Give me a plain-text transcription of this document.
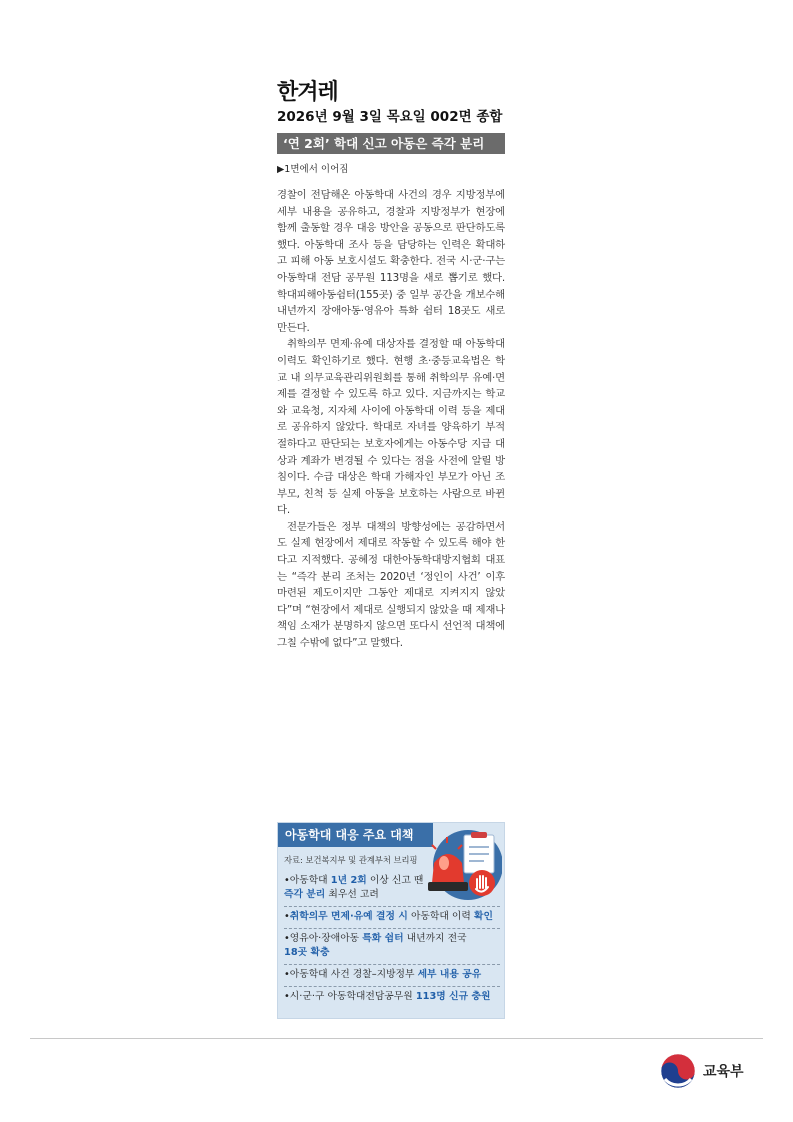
한겨레
2026년 9월 3일 목요일 002면 종합
‘연 2회’ 학대 신고 아동은 즉각 분리
▶1면에서 이어짐

경찰이 전담해온 아동학대 사건의 경우 지방정부에 세부 내용을 공유하고, 경찰과 지방정부가 현장에 함께 출동할 경우 대응 방안을 공동으로 판단하도록 했다. 아동학대 조사 등을 담당하는 인력은 확대하고 피해 아동 보호시설도 확충한다. 전국 시·군·구는 아동학대 전담 공무원 113명을 새로 뽑기로 했다. 학대피해아동쉼터(155곳) 중 일부 공간을 개보수해 내년까지 장애아동·영유아 특화 쉼터 18곳도 새로 만든다.

취학의무 면제·유예 대상자를 결정할 때 아동학대 이력도 확인하기로 했다. 현행 초·중등교육법은 학교 내 의무교육관리위원회를 통해 취학의무 유예·면제를 결정할 수 있도록 하고 있다. 지금까지는 학교와 교육청, 지자체 사이에 아동학대 이력 등을 제대로 공유하지 않았다. 학대로 자녀를 양육하기 부적절하다고 판단되는 보호자에게는 아동수당 지급 대상과 계좌가 변경될 수 있다는 점을 사전에 알릴 방침이다. 수급 대상은 학대 가해자인 부모가 아닌 조부모, 친척 등 실제 아동을 보호하는 사람으로 바뀐다.

전문가들은 정부 대책의 방향성에는 공감하면서도 실제 현장에서 제대로 작동할 수 있도록 해야 한다고 지적했다. 공혜정 대한아동학대방지협회 대표는 “즉각 분리 조처는 2020년 ‘정인이 사건’ 이후 마련된 제도이지만 그동안 제대로 지켜지지 않았다”며 “현장에서 제대로 실행되지 않았을 때 제재나 책임 소재가 분명하지 않으면 또다시 선언적 대책에 그칠 수밖에 없다”고 말했다.

아동학대 대응 주요 대책
자료: 보건복지부 및 관계부처 브리핑
•아동학대 1년 2회 이상 신고 땐
즉각 분리 최우선 고려
•취학의무 면제·유예 결정 시 아동학대 이력 확인
•영유아·장애아동 특화 쉼터 내년까지 전국
18곳 확충
•아동학대 사건 경찰–지방정부 세부 내용 공유
•시·군·구 아동학대전담공무원 113명 신규 충원
교육부
